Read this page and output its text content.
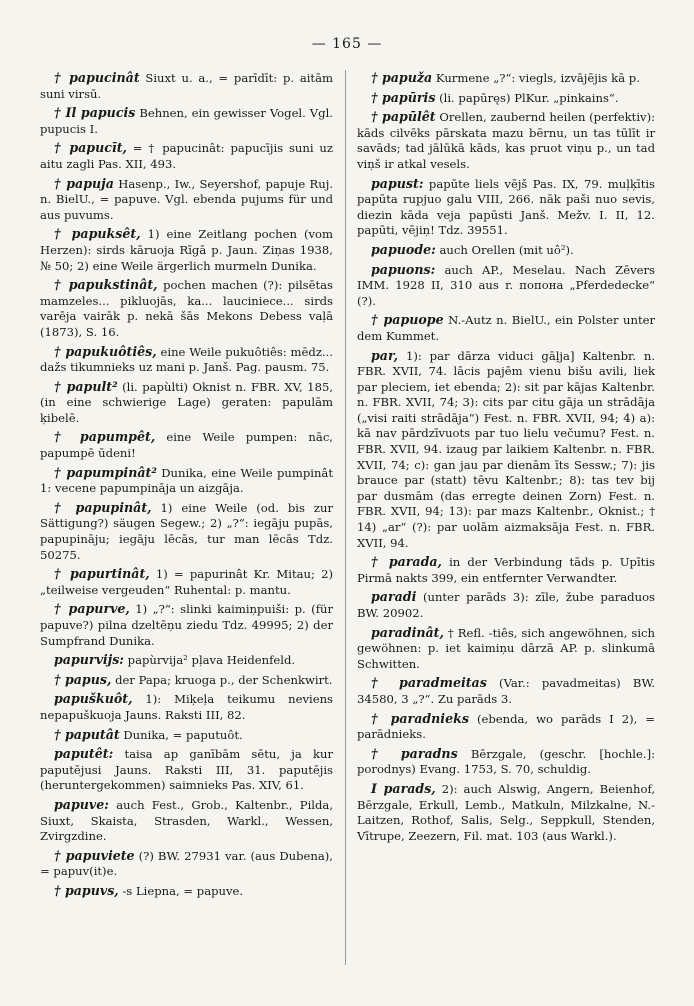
— 165 —

† papucinât Siuxt u. a., = parīdīt: p. aitām suni virsū.

† Il papucis Behnen, ein gewisser Vogel. Vgl. pupucis I.

† papucīt, = † papucinât: papucījis suni uz aitu zagli Pas. XII, 493.

† papuja Hasenp., Iw., Seyershof, papuje Ruj. n. BielU., = papuve. Vgl. ebenda pujums für und aus puvums.

† papuksêt, 1) eine Zeitlang pochen (vom Herzen): sirds kāruoja Rīgā p. Jaun. Ziņas 1938, № 50; 2) eine Weile ärgerlich murmeln Dunika.

† papukstinât, pochen machen (?): pilsētas mamzeles... pikluojās, ka... lauciniece... sirds varēja vairāk p. nekā šās Mekons Debess vaļā (1873), S. 16.

† papukuôtiês, eine Weile pukuôtiês: mēdz... dažs tikumnieks uz mani p. Janš. Pag. pausm. 75.

† papult² (li. papùlti) Oknist n. FBR. XV, 185, (in eine schwierige Lage) geraten: papulām ķibelē.

† papumpêt, eine Weile pumpen: nāc, papumpē ūdeni!

† papumpinât² Dunika, eine Weile pumpinât 1: vecene papumpināja un aizgāja.

† papupinât, 1) eine Weile (od. bis zur Sättigung?) säugen Segew.; 2) „?“: iegāju pupās, papupināju; iegāju lēcās, tur man lēcās Tdz. 50275.

† papurtinât, 1) = papurinât Kr. Mitau; 2) „teilweise vergeuden“ Ruhental: p. mantu.

† papurve, 1) „?“: slinki kaimiņpuiši: p. (für papuve?) pilna dzeltēņu ziedu Tdz. 49995; 2) der Sumpfrand Dunika.

papurvijs: papùrvija² pļava Heidenfeld.

† papus, der Papa; kruoga p., der Schenkwirt.

papuškuôt, 1): Miķeļa teikumu neviens nepapuškuoja Jauns. Raksti III, 82.

† paputât Dunika, = paputuôt.

paputêt: taisa ap ganībām sētu, ja kur paputējusi Jauns. Raksti III, 31. paputējis (heruntergekommen) saimnieks Pas. XIV, 61.

papuve: auch Fest., Grob., Kaltenbr., Pilda, Siuxt, Skaista, Strasden, Warkl., Wessen, Zvirgzdine.

† papuviete (?) BW. 27931 var. (aus Dubena), = papuv(it)e.

† papuvs, -s Liepna, = papuve.

† papuža Kurmene „?“: viegls, izvājējis kā p.

† papūris (li. papūręs) PlKur. „pinkains“.

† papūlêt Orellen, zaubernd heilen (perfektiv): kāds cilvēks pārskata mazu bērnu, un tas tūlīt ir savāds; tad jālūkā kāds, kas pruot viņu p., un tad viņš ir atkal vesels.

papust: papūte liels vējš Pas. IX, 79. muļķītis papūta rupjuo galu VIII, 266. nāk paši nuo sevis, diezin kāda veja papūsti Janš. Mežv. I. II, 12. papūti, vējiņ! Tdz. 39551.

papuode: auch Orellen (mit uô²).

papuons: auch AP., Meselau. Nach Zēvers IMM. 1928 II, 310 aus r. попона „Pferdedecke“ (?).

† papuope N.-Autz n. BielU., ein Polster unter dem Kummet.

par, 1): par dārza viduci gāļja] Kaltenbr. n. FBR. XVII, 74. lācis pajēm vienu bišu avili, liek par pleciem, iet ebenda; 2): sit par kājas Kaltenbr. n. FBR. XVII, 74; 3): cits par citu gāja un strādāja („visi raiti strādāja“) Fest. n. FBR. XVII, 94; 4) a): kā nav pārdzīvuots par tuo lielu večumu? Fest. n. FBR. XVII, 94. izaug par laikiem Kaltenbr. n. FBR. XVII, 74; c): gan jau par dienām īts Sessw.; 7): jis brauce par (statt) tēvu Kaltenbr.; 8): tas tev bij par dusmām (das erregte deinen Zorn) Fest. n. FBR. XVII, 94; 13): par mazs Kaltenbr., Oknist.; † 14) „ar“ (?): par uolām aizmaksāja Fest. n. FBR. XVII, 94.

† parada, in der Verbindung tāds p. Upītis Pirmā nakts 399, ein entfernter Verwandter.

paradi (unter parāds 3): zīle, žube paraduos BW. 20902.

paradinât, † Refl. -tiês, sich angewöhnen, sich gewöhnen: p. iet kaimiņu dārzā AP. p. slinkumā Schwitten.

† paradmeitas (Var.: pavadmeitas) BW. 34580, 3 „?“. Zu parāds 3.

† paradnieks (ebenda, wo parāds I 2), = parādnieks.

† paradns Bērzgale, (geschr. [hochle.]: porodnys) Evang. 1753, S. 70, schuldig.

I parads, 2): auch Alswig, Angern, Beienhof, Bērzgale, Erkull, Lemb., Matkuln, Milzkalne, N.-Laitzen, Rothof, Salis, Selg., Seppkull, Stenden, Vītrupe, Zeezern, Fil. mat. 103 (aus Warkl.).
